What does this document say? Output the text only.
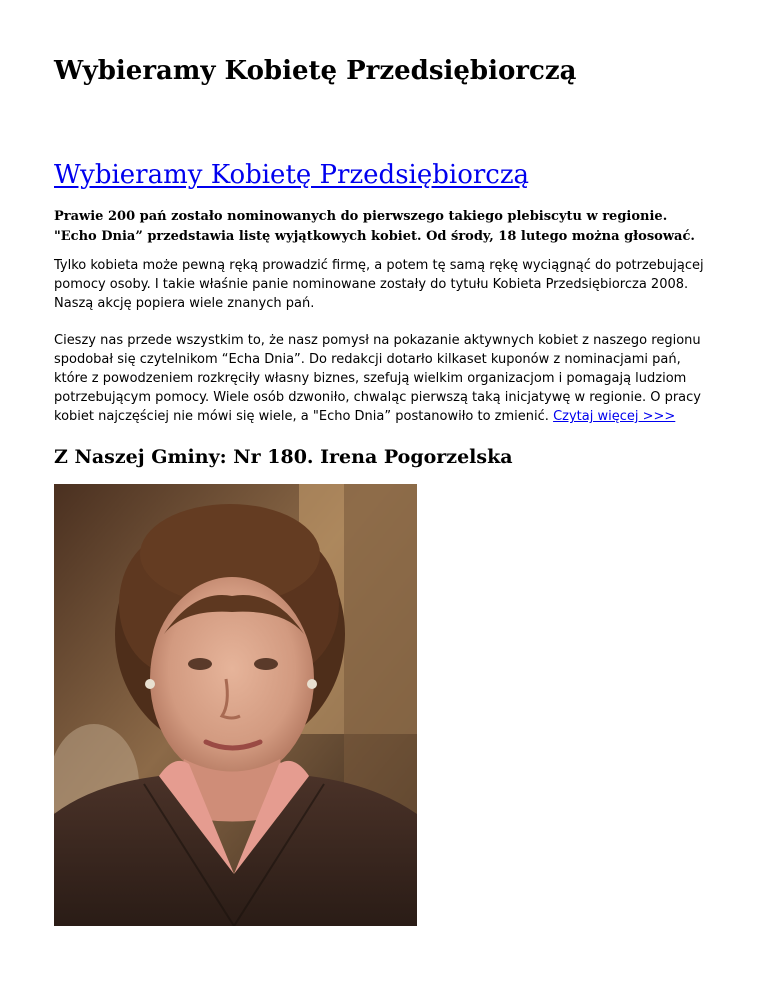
Wybieramy Kobietę Przedsiębiorczą
Wybieramy Kobietę Przedsiębiorczą

Prawie 200 pań zostało nominowanych do pierwszego takiego plebiscytu w regionie. "Echo Dnia” przedstawia listę wyjątkowych kobiet. Od środy, 18 lutego można głosować.

Tylko kobieta może pewną ręką prowadzić firmę, a potem tę samą rękę wyciągnąć do potrzebującej pomocy osoby. I takie właśnie panie nominowane zostały do tytułu Kobieta Przedsiębiorcza 2008. Naszą akcję popiera wiele znanych pań.

Cieszy nas przede wszystkim to, że nasz pomysł na pokazanie aktywnych kobiet z naszego regionu spodobał się czytelnikom “Echa Dnia”. Do redakcji dotarło kilkaset kuponów z nominacjami pań, które z powodzeniem rozkręciły własny biznes, szefują wielkim organizacjom i pomagają ludziom potrzebującym pomocy. Wiele osób dzwoniło, chwaląc pierwszą taką inicjatywę w regionie. O pracy kobiet najczęściej nie mówi się wiele, a "Echo Dnia” postanowiło to zmienić. Czytaj więcej >>>

Z Naszej Gminy: Nr 180. Irena Pogorzelska
